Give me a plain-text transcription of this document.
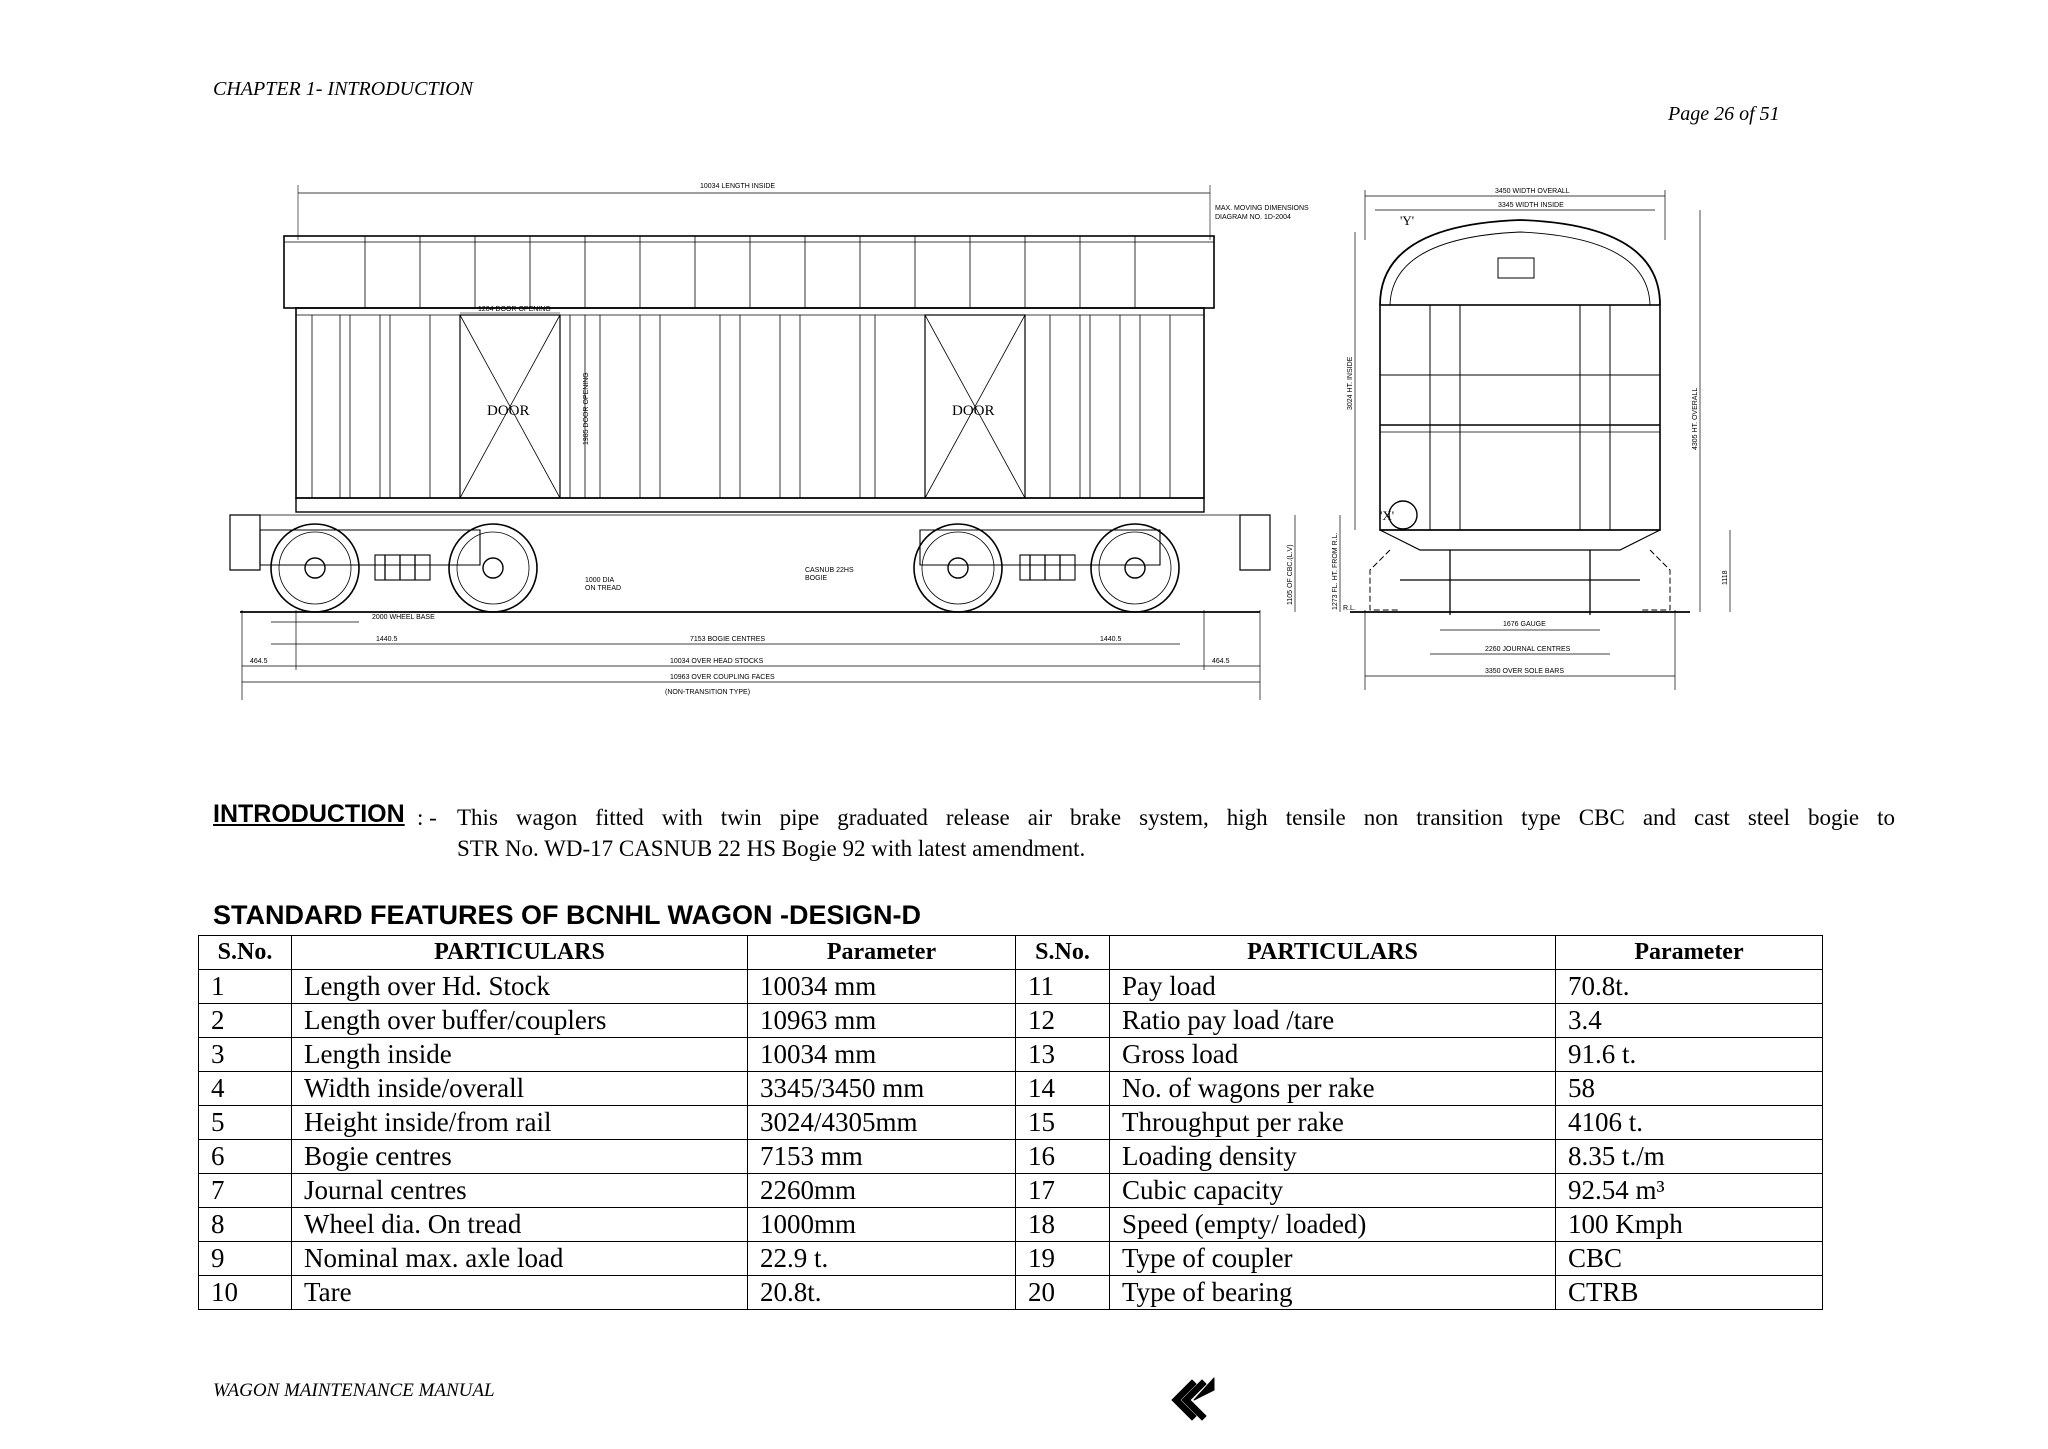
CHAPTER 1- INTRODUCTION
Page 26 of 51
10034 LENGTH INSIDE
1204 DOOR OPENING
DOOR	DOOR
1985 DOOR OPENING
2000 WHEEL BASE
1440.5	7153 BOGIE CENTRES	1440.5
464.5	10034 OVER HEAD STOCKS	464.5
10963 OVER COUPLING FACES
(NON-TRANSITION TYPE)
1000 DIA
ON TREAD
CASNUB 22HS
BOGIE	1105 OF CBC.(L.V)
MAX. MOVING DIMENSIONS
DIAGRAM NO. 1D-2004
3450 WIDTH OVERALL
3345 WIDTH INSIDE
'Y'
'X'
3024 HT. INSIDE
4305 HT. OVERALL
1273 FL. HT. FROM R.L. R.L.
1676 GAUGE
2260 JOURNAL CENTRES
3350 OVER SOLE BARS
1118
INTRODUCTION : - This wagon fitted with twin pipe graduated release air brake system, high tensile non transition type CBC and cast steel bogie to
STR No. WD-17 CASNUB 22 HS Bogie 92 with latest amendment.
STANDARD FEATURES OF BCNHL WAGON -DESIGN-D
S.No.	PARTICULARS	Parameter	S.No.	PARTICULARS	Parameter
1	Length over Hd. Stock	10034 mm	11	Pay load	70.8t.
2	Length over buffer/couplers	10963 mm	12	Ratio pay load /tare	3.4
3	Length inside	10034 mm	13	Gross load	91.6 t.
4	Width inside/overall	3345/3450 mm	14	No. of wagons per rake	58
5	Height inside/from rail	3024/4305mm	15	Throughput per rake	4106 t.
6	Bogie centres	7153 mm	16	Loading density	8.35 t./m
7	Journal centres	2260mm	17	Cubic capacity	92.54 m³
8	Wheel dia. On tread	1000mm	18	Speed (empty/ loaded)	100 Kmph
9	Nominal max. axle load	22.9 t.	19	Type of coupler	CBC
10	Tare	20.8t.	20	Type of bearing	CTRB
WAGON MAINTENANCE MANUAL
